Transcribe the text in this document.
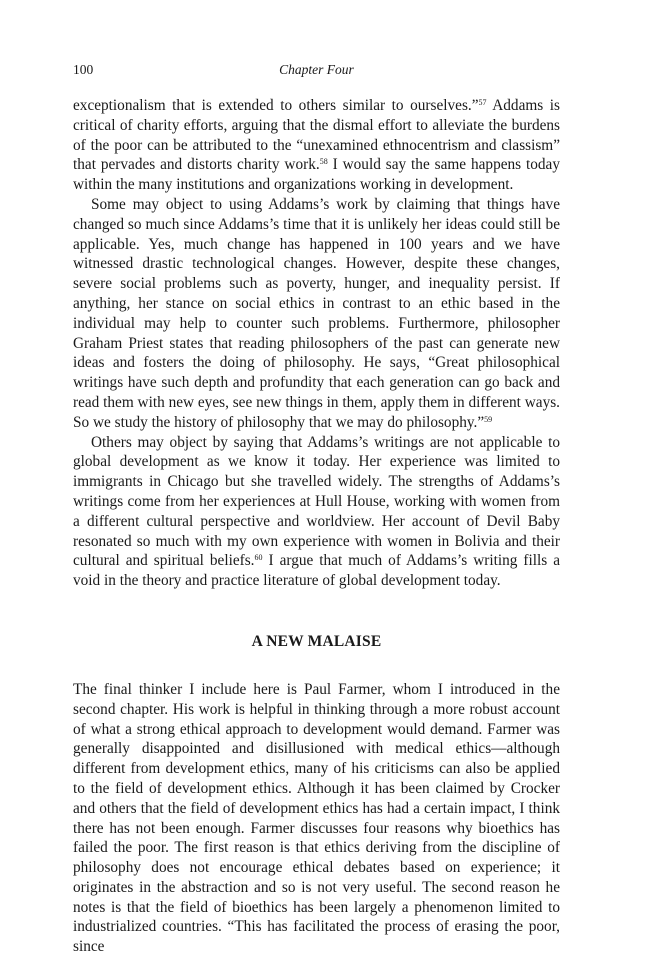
100	Chapter Four

exceptionalism that is extended to others similar to ourselves.”$^{57}$ Addams is critical of charity efforts, arguing that the dismal effort to alleviate the burdens of the poor can be attributed to the “unexamined ethnocentrism and classism” that pervades and distorts charity work.$^{58}$ I would say the same happens today within the many institutions and organizations working in development.

Some may object to using Addams’s work by claiming that things have changed so much since Addams’s time that it is unlikely her ideas could still be applicable. Yes, much change has happened in 100 years and we have witnessed drastic technological changes. However, despite these changes, severe social problems such as poverty, hunger, and inequality persist. If anything, her stance on social ethics in contrast to an ethic based in the individual may help to counter such problems. Furthermore, philosopher Graham Priest states that reading philosophers of the past can generate new ideas and fosters the doing of philosophy. He says, “Great philosophical writings have such depth and profundity that each generation can go back and read them with new eyes, see new things in them, apply them in different ways. So we study the history of philosophy that we may do philosophy.”$^{59}$

Others may object by saying that Addams’s writings are not applicable to global development as we know it today. Her experience was limited to immigrants in Chicago but she travelled widely. The strengths of Addams’s writings come from her experiences at Hull House, working with women from a different cultural perspective and worldview. Her account of Devil Baby resonated so much with my own experience with women in Bolivia and their cultural and spiritual beliefs.$^{60}$ I argue that much of Addams’s writing fills a void in the theory and practice literature of global development today.

A NEW MALAISE

The final thinker I include here is Paul Farmer, whom I introduced in the second chapter. His work is helpful in thinking through a more robust account of what a strong ethical approach to development would demand. Farmer was generally disappointed and disillusioned with medical ethics—although different from development ethics, many of his criticisms can also be applied to the field of development ethics. Although it has been claimed by Crocker and others that the field of development ethics has had a certain impact, I think there has not been enough. Farmer discusses four reasons why bioethics has failed the poor. The first reason is that ethics deriving from the discipline of philosophy does not encourage ethical debates based on experience; it originates in the abstraction and so is not very useful. The second reason he notes is that the field of bioethics has been largely a phenomenon limited to industrialized countries. “This has facilitated the process of erasing the poor, since
